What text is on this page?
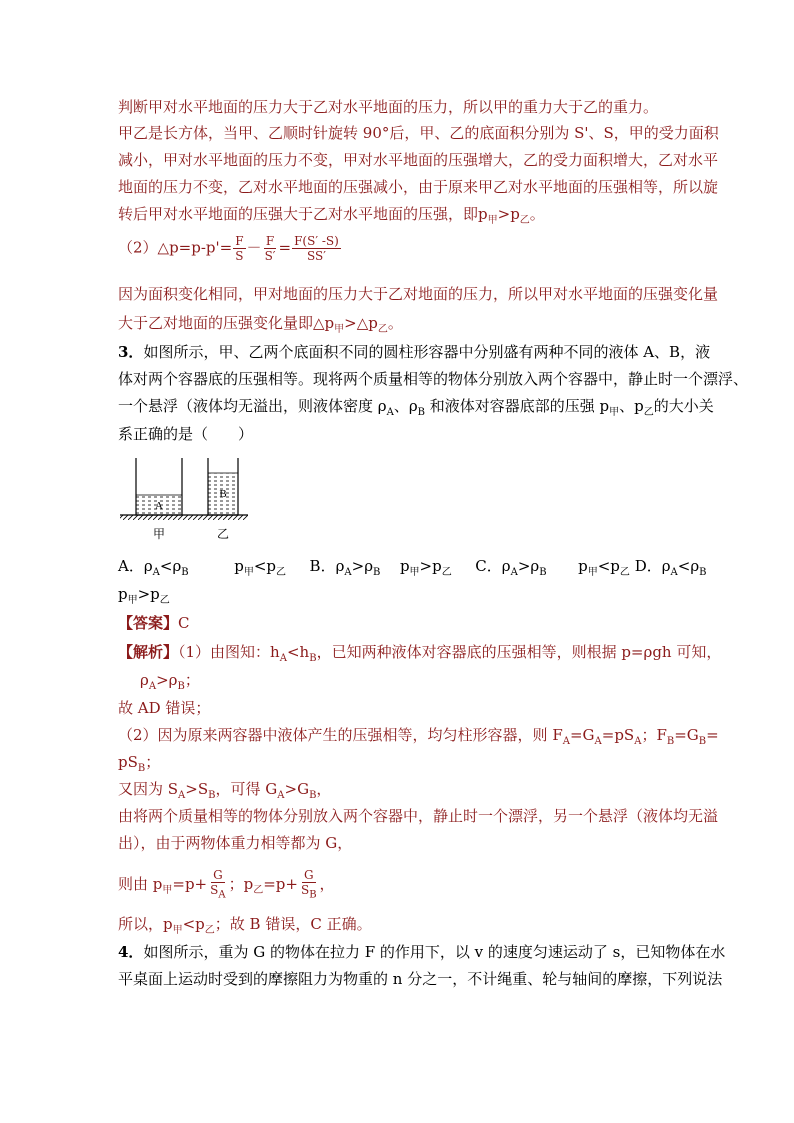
判断甲对水平地面的压力大于乙对水平地面的压力，所以甲的重力大于乙的重力。
甲乙是长方体，当甲、乙顺时针旋转 90°后，甲、乙的底面积分别为 S'、S，甲的受力面积
减小，甲对水平地面的压力不变，甲对水平地面的压强增大，乙的受力面积增大，乙对水平
地面的压力不变，乙对水平地面的压强减小，由于原来甲乙对水平地面的压强相等，所以旋
转后甲对水平地面的压强大于乙对水平地面的压强，即$p_甲>p_乙$。
（2）△p=p-p'= $\frac{F}{S} - \frac{F}{S'} = \frac{F(S' -S)}{SS'}$
因为面积变化相同，甲对地面的压力大于乙对地面的压力，所以甲对水平地面的压强变化量
大于乙对地面的压强变化量即$\triangle p_甲>\triangle p_乙$。
3．如图所示，甲、乙两个底面积不同的圆柱形容器中分别盛有两种不同的液体 A、B，液
体对两个容器底的压强相等。现将两个质量相等的物体分别放入两个容器中，静止时一个漂浮、
一个悬浮（液体均无溢出，则液体密度 $\rho_A$、$\rho_B$ 和液体对容器底部的压强 $p_甲$、$p_乙$的大小关
系正确的是（　　）
A
B
甲	乙
A．$\rho_A<\rho_B$	$p_甲<p_乙$ B．$\rho_A>\rho_B$ $p_甲>p_乙$ C．$\rho_A>\rho_B$ $p_甲<p_乙$ D．$\rho_A<\rho_B$
$p_甲>p_乙$
【答案】C
【解析】（1）由图知：$h_A<h_B$，已知两种液体对容器底的压强相等，则根据 p=ρgh 可知，
$\rho_A>\rho_B$；
故 AD 错误；
（2）因为原来两容器中液体产生的压强相等，均匀柱形容器，则 $F_A=G_A=pS_A$；$F_B=G_B=$
$pS_B$；
又因为 $S_A>S_B$，可得 $G_A>G_B$，
由将两个质量相等的物体分别放入两个容器中，静止时一个漂浮，另一个悬浮（液体均无溢
出），由于两物体重力相等都为 G，
则由 $p_甲=p+ \frac{G}{S_A}$ ；$p_乙=p+ \frac{G}{S_B}$ ，
所以，$p_甲<p_乙$；故 B 错误，C 正确。
4．如图所示，重为 G 的物体在拉力 F 的作用下，以 v 的速度匀速运动了 s，已知物体在水
平桌面上运动时受到的摩擦阻力为物重的 n 分之一，不计绳重、轮与轴间的摩擦，下列说法
